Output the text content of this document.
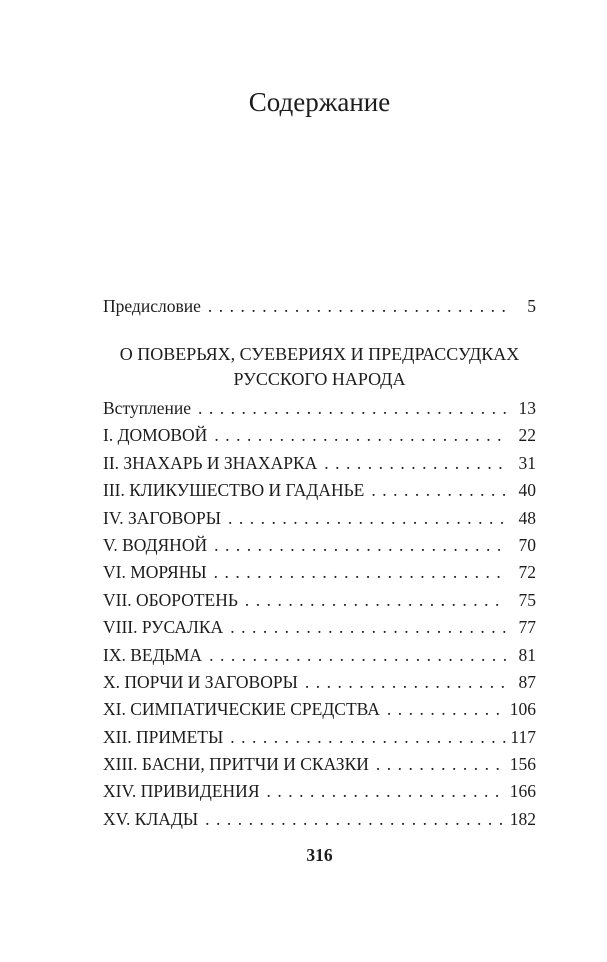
Содержание
Предисловие .....	5
О ПОВЕРЬЯХ, СУЕВЕРИЯХ И ПРЕДРАССУДКАХ РУССКОГО НАРОДА
Вступление .....	13
I. ДОМОВОЙ .....	22
II. ЗНАХАРЬ И ЗНАХАРКА .....	31
III. КЛИКУШЕСТВО И ГАДАНЬЕ .....	40
IV. ЗАГОВОРЫ .....	48
V. ВОДЯНОЙ .....	70
VI. МОРЯНЫ .....	72
VII. ОБОРОТЕНЬ .....	75
VIII. РУСАЛКА .....	77
IX. ВЕДЬМА .....	81
X. ПОРЧИ И ЗАГОВОРЫ .....	87
XI. СИМПАТИЧЕСКИЕ СРЕДСТВА .....	106
XII. ПРИМЕТЫ .....	117
XIII. БАСНИ, ПРИТЧИ И СКАЗКИ .....	156
XIV. ПРИВИДЕНИЯ .....	166
XV. КЛАДЫ .....	182
316
